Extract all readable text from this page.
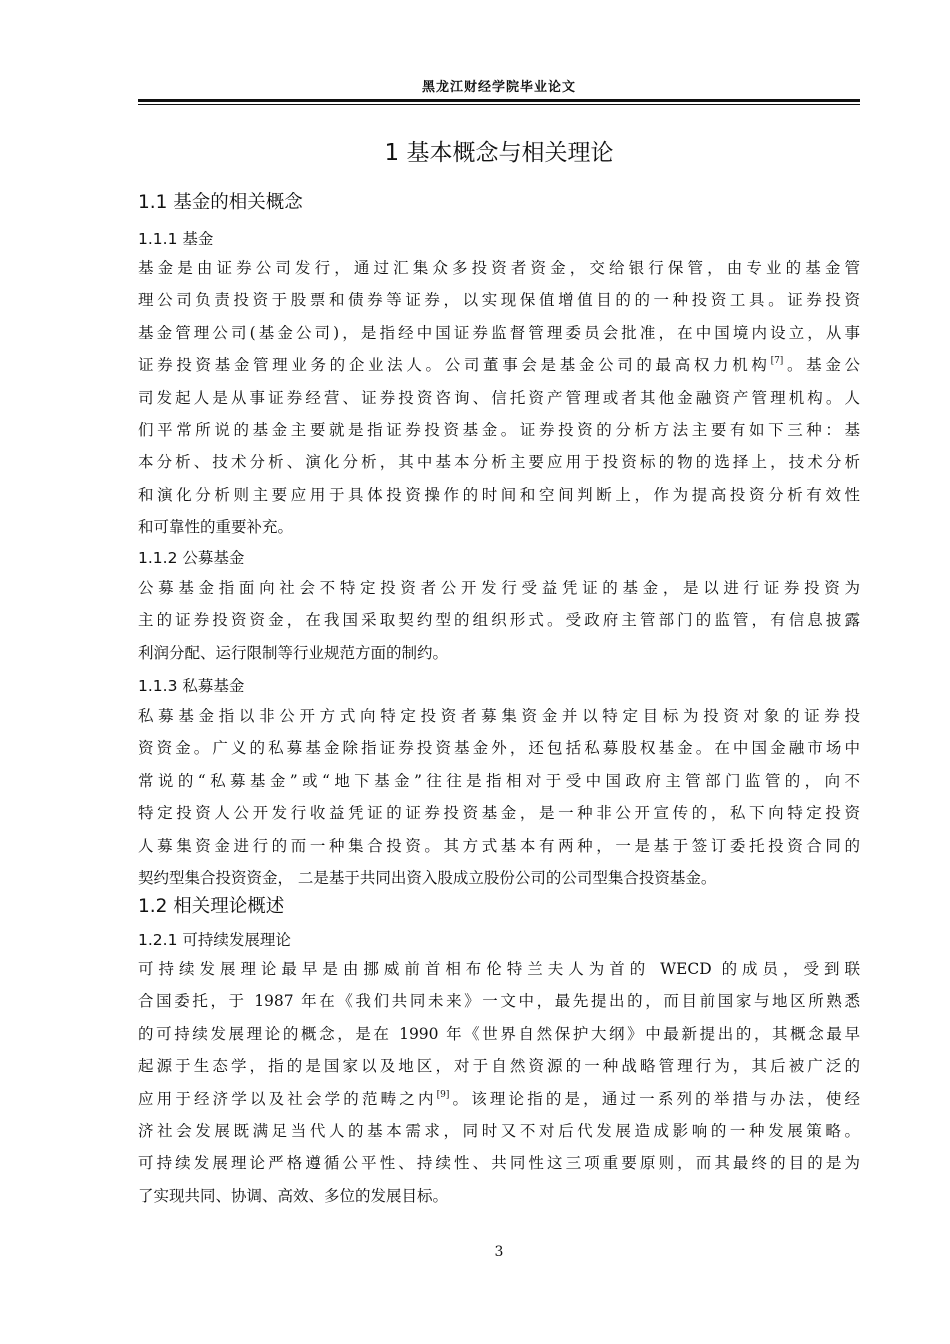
黑龙江财经学院毕业论文
1 基本概念与相关理论
1.1 基金的相关概念
1.1.1 基金
基金是由证券公司发行，通过汇集众多投资者资金，交给银行保管，由专业的基金管
理公司负责投资于股票和债券等证券，以实现保值增值目的的一种投资工具。证券投资
基金管理公司(基金公司)，是指经中国证券监督管理委员会批准，在中国境内设立，从事
证券投资基金管理业务的企业法人。公司董事会是基金公司的最高权力机构[7]。基金公
司发起人是从事证券经营、证券投资咨询、信托资产管理或者其他金融资产管理机构。人
们平常所说的基金主要就是指证券投资基金。证券投资的分析方法主要有如下三种：基
本分析、技术分析、演化分析，其中基本分析主要应用于投资标的物的选择上，技术分析
和演化分析则主要应用于具体投资操作的时间和空间判断上，作为提高投资分析有效性
和可靠性的重要补充。
1.1.2 公募基金
公募基金指面向社会不特定投资者公开发行受益凭证的基金，是以进行证券投资为
主的证券投资资金，在我国采取契约型的组织形式。受政府主管部门的监管，有信息披露
利润分配、运行限制等行业规范方面的制约。
1.1.3 私募基金
私募基金指以非公开方式向特定投资者募集资金并以特定目标为投资对象的证券投
资资金。广义的私募基金除指证券投资基金外，还包括私募股权基金。在中国金融市场中
常说的“私募基金”或“地下基金”往往是指相对于受中国政府主管部门监管的，向不
特定投资人公开发行收益凭证的证券投资基金，是一种非公开宣传的，私下向特定投资
人募集资金进行的而一种集合投资。其方式基本有两种，一是基于签订委托投资合同的
契约型集合投资资金， 二是基于共同出资入股成立股份公司的公司型集合投资基金。
1.2 相关理论概述
1.2.1 可持续发展理论
可持续发展理论最早是由挪威前首相布伦特兰夫人为首的 WECD 的成员，受到联
合国委托，于 1987 年在《我们共同未来》一文中，最先提出的，而目前国家与地区所熟悉
的可持续发展理论的概念，是在 1990 年《世界自然保护大纲》中最新提出的，其概念最早
起源于生态学，指的是国家以及地区，对于自然资源的一种战略管理行为，其后被广泛的
应用于经济学以及社会学的范畴之内[9]。该理论指的是，通过一系列的举措与办法，使经
济社会发展既满足当代人的基本需求，同时又不对后代发展造成影响的一种发展策略。
可持续发展理论严格遵循公平性、持续性、共同性这三项重要原则，而其最终的目的是为
了实现共同、协调、高效、多位的发展目标。
3
